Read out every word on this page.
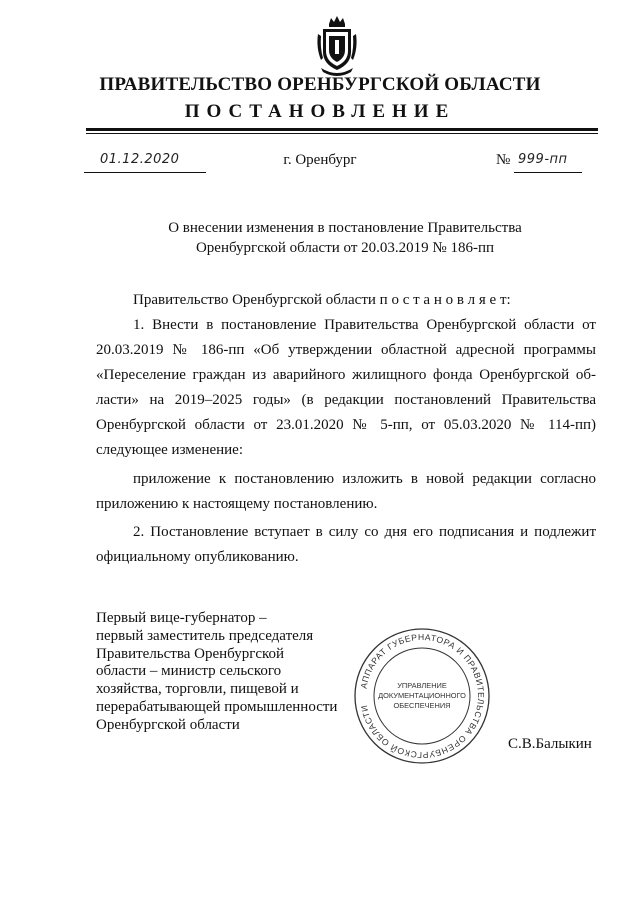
ПРАВИТЕЛЬСТВО ОРЕНБУРГСКОЙ ОБЛАСТИ
ПОСТАНОВЛЕНИЕ
01.12.2020	г. Оренбург	№ 999-пп
О внесении изменения в постановление Правительства
Оренбургской области от 20.03.2019 № 186-пп
Правительство Оренбургской области п о с т а н о в л я е т:
1. Внести в постановление Правительства Оренбургской области от
20.03.2019 № 186-пп «Об утверждении областной адресной программы
«Переселение граждан из аварийного жилищного фонда Оренбургской об-
ласти» на 2019–2025 годы» (в редакции постановлений Правительства
Оренбургской области от 23.01.2020 № 5-пп, от 05.03.2020 № 114-пп)
следующее изменение:
приложение к постановлению изложить в новой редакции согласно
приложению к настоящему постановлению.
2. Постановление вступает в силу со дня его подписания и подлежит
официальному опубликованию.
Первый вице-губернатор –
первый заместитель председателя
Правительства Оренбургской
области – министр сельского
хозяйства, торговли, пищевой и
перерабатывающей промышленности
Оренбургской области
С.В.Балыкин
АППАРАТ ГУБЕРНАТОРА И ПРАВИТЕЛЬСТВА ОРЕНБУРГСКОЙ ОБЛАСТИ
УПРАВЛЕНИЕ
ДОКУМЕНТАЦИОННОГО
ОБЕСПЕЧЕНИЯ
